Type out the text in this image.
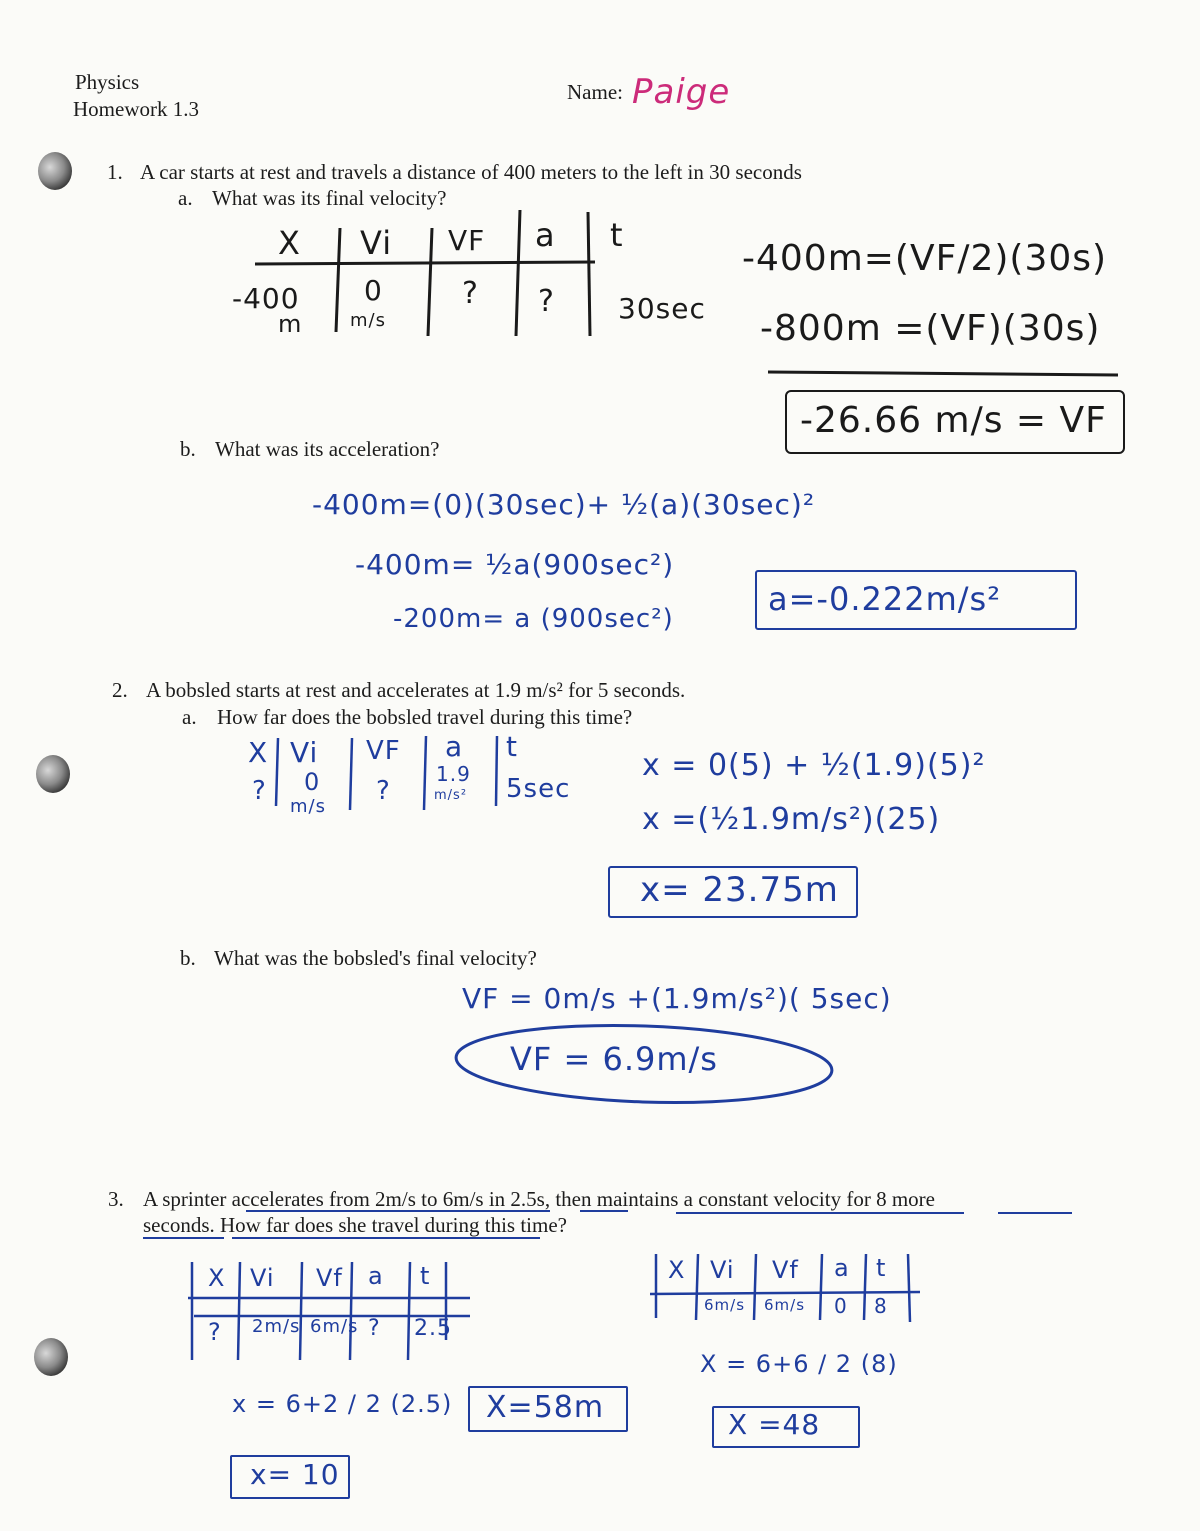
Physics
Homework 1.3
Name: Paige
1. A car starts at rest and travels a distance of 400 meters to the left in 30 seconds
a. What was its final velocity?
X Vi VF a t
-400
m
0
m/s
? ? 30sec
-400m=(VF/2)(30s)
-800m =(VF)(30s)
-26.66 m/s = VF
b. What was its acceleration?
-400m=(0)(30sec)+ ½(a)(30sec)²
-400m= ½a(900sec²)
-200m= a (900sec²)
a=-0.222m/s²
2. A bobsled starts at rest and accelerates at 1.9 m/s² for 5 seconds.
a. How far does the bobsled travel during this time?
X Vi VF a t
? 0
m/s
?
1.9
m/s² 5sec
x = 0(5) + ½(1.9)(5)²
x =(½1.9m/s²)(25)
x= 23.75m
b. What was the bobsled's final velocity?
VF = 0m/s +(1.9m/s²)( 5sec)
VF = 6.9m/s
3. A sprinter accelerates from 2m/s to 6m/s in 2.5s, then maintains a constant velocity for 8 more
seconds. How far does she travel during this time?
X Vi Vf a t
? 2m/s 6m/s ? 2.5
x = 6+2 / 2 (2.5)
x= 10
X=58m
X Vi Vf a t
6m/s 6m/s 0 8
X = 6+6 / 2 (8)
X =48
